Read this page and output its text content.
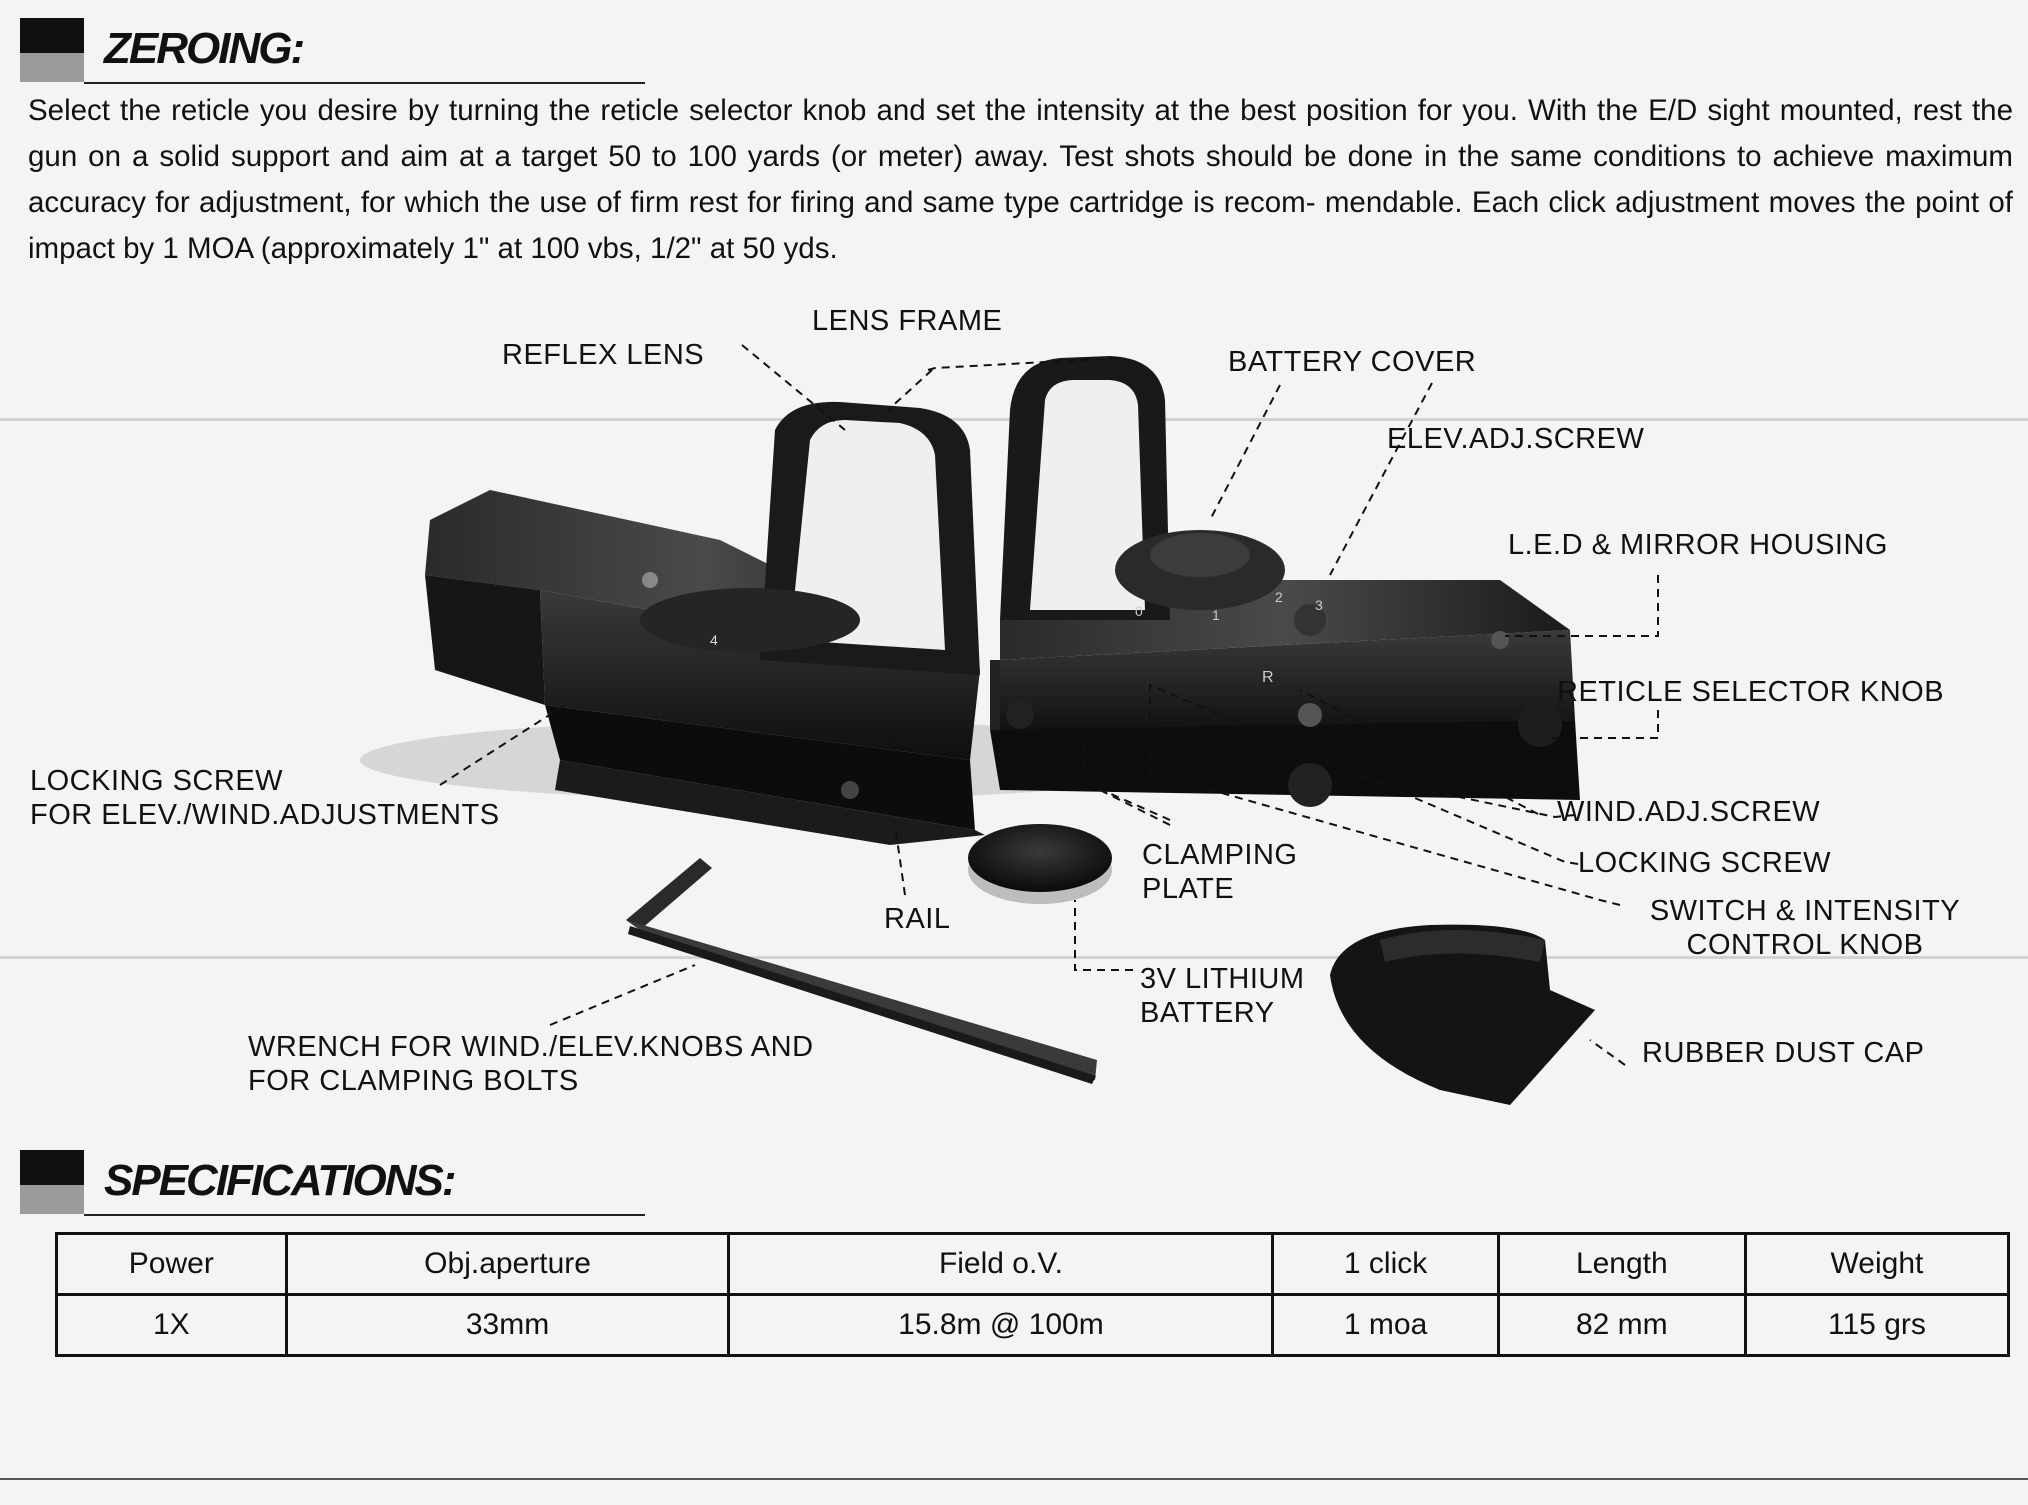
ZEROING:
Select the reticle you desire by turning the reticle selector knob and set the intensity at the best position for you. With the E/D sight mounted, rest the gun on a solid support and aim at a target 50 to 100 yards (or meter) away. Test shots should be done in the same conditions to achieve maximum accuracy for adjustment, for which the use of firm rest for firing and same type cartridge is recom- mendable. Each click adjustment moves the point of impact by 1 MOA (approximately 1" at 100 vbs, 1/2" at 50 yds.
4
R
0	1
2 3
LENS FRAME
REFLEX LENS	BATTERY COVER
ELEV.ADJ.SCREW
L.E.D & MIRROR HOUSING
RETICLE SELECTOR KNOB
WIND.ADJ.SCREW
LOCKING SCREW
SWITCH & INTENSITY
CONTROL KNOB
RUBBER DUST CAP
3V LITHIUM
BATTERY
CLAMPING
PLATE
RAIL
LOCKING SCREW
FOR ELEV./WIND.ADJUSTMENTS
WRENCH FOR WIND./ELEV.KNOBS AND
FOR CLAMPING BOLTS
SPECIFICATIONS:
Power	Obj.aperture	Field o.V.	1 click	Length	Weight
1X	33mm	15.8m @ 100m	1 moa	82 mm	115 grs
